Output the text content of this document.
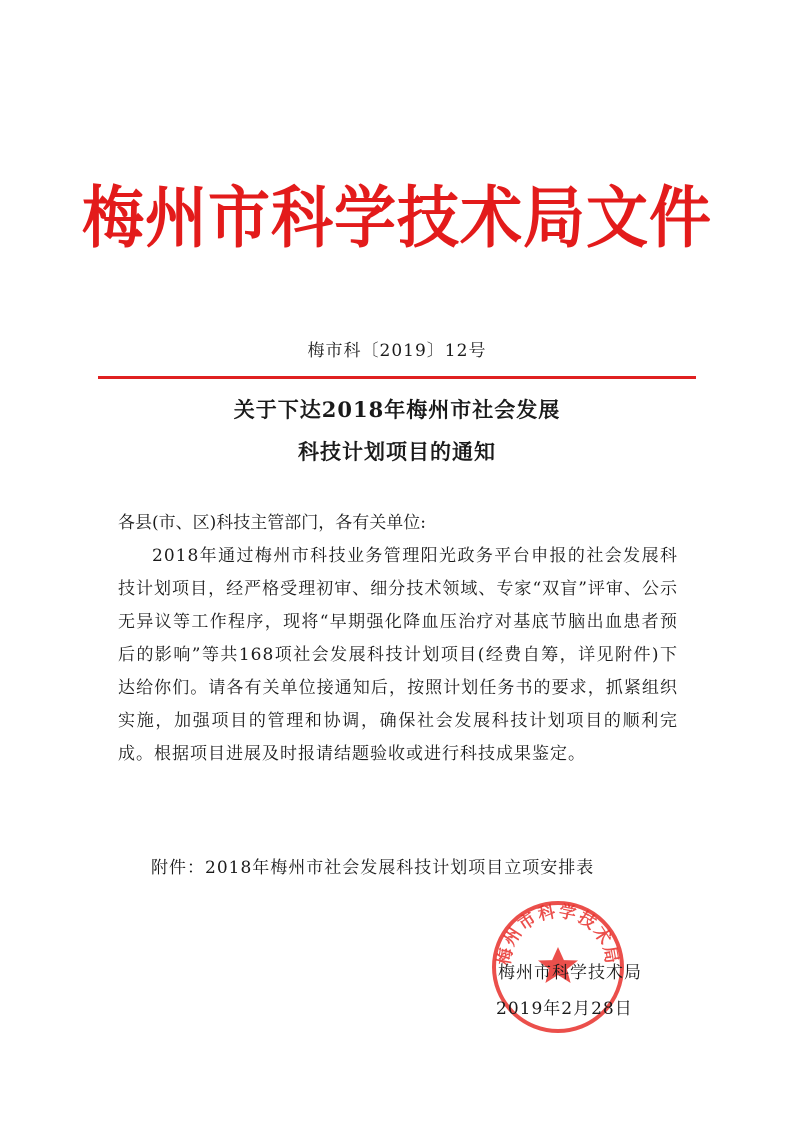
梅州市科学技术局文件
梅市科〔2019〕12号
关于下达2018年梅州市社会发展
科技计划项目的通知
各县(市、区)科技主管部门，各有关单位:
2018年通过梅州市科技业务管理阳光政务平台申报的社会发展科技计划项目，经严格受理初审、细分技术领域、专家“双盲”评审、公示无异议等工作程序，现将“早期强化降血压治疗对基底节脑出血患者预后的影响”等共168项社会发展科技计划项目(经费自筹，详见附件)下达给你们。请各有关单位接通知后，按照计划任务书的要求，抓紧组织实施，加强项目的管理和协调，确保社会发展科技计划项目的顺利完成。根据项目进展及时报请结题验收或进行科技成果鉴定。
附件：2018年梅州市社会发展科技计划项目立项安排表
梅州市科学技术局
梅州市科学技术局
2019年2月28日
